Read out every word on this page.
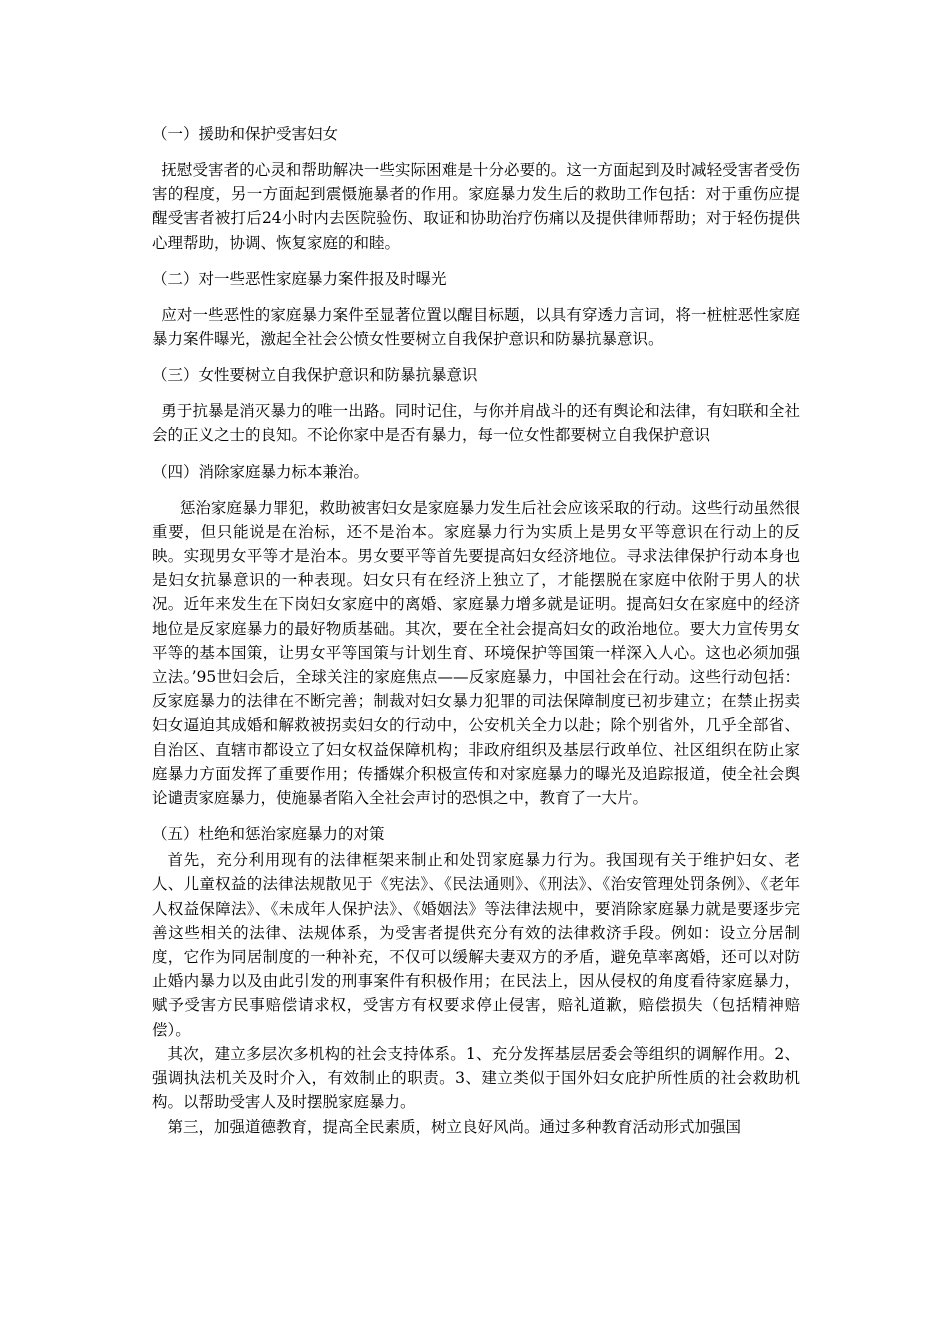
（一）援助和保护受害妇女

抚慰受害者的心灵和帮助解决一些实际困难是十分必要的。这一方面起到及时减轻受害者受伤害的程度，另一方面起到震慑施暴者的作用。家庭暴力发生后的救助工作包括：对于重伤应提醒受害者被打后24小时内去医院验伤、取证和协助治疗伤痛以及提供律师帮助；对于轻伤提供心理帮助，协调、恢复家庭的和睦。

（二）对一些恶性家庭暴力案件报及时曝光

应对一些恶性的家庭暴力案件至显著位置以醒目标题，以具有穿透力言词，将一桩桩恶性家庭暴力案件曝光，激起全社会公愤女性要树立自我保护意识和防暴抗暴意识。

（三）女性要树立自我保护意识和防暴抗暴意识

勇于抗暴是消灭暴力的唯一出路。同时记住，与你并肩战斗的还有舆论和法律，有妇联和全社会的正义之士的良知。不论你家中是否有暴力，每一位女性都要树立自我保护意识

（四）消除家庭暴力标本兼治。

惩治家庭暴力罪犯，救助被害妇女是家庭暴力发生后社会应该采取的行动。这些行动虽然很重要，但只能说是在治标，还不是治本。家庭暴力行为实质上是男女平等意识在行动上的反映。实现男女平等才是治本。男女要平等首先要提高妇女经济地位。寻求法律保护行动本身也是妇女抗暴意识的一种表现。妇女只有在经济上独立了，才能摆脱在家庭中依附于男人的状况。近年来发生在下岗妇女家庭中的离婚、家庭暴力增多就是证明。提高妇女在家庭中的经济地位是反家庭暴力的最好物质基础。其次，要在全社会提高妇女的政治地位。要大力宣传男女平等的基本国策，让男女平等国策与计划生育、环境保护等国策一样深入人心。这也必须加强立法。’95世妇会后，全球关注的家庭焦点——反家庭暴力，中国社会在行动。这些行动包括：反家庭暴力的法律在不断完善；制裁对妇女暴力犯罪的司法保障制度已初步建立；在禁止拐卖妇女逼迫其成婚和解救被拐卖妇女的行动中，公安机关全力以赴；除个别省外，几乎全部省、自治区、直辖市都设立了妇女权益保障机构；非政府组织及基层行政单位、社区组织在防止家庭暴力方面发挥了重要作用；传播媒介积极宣传和对家庭暴力的曝光及追踪报道，使全社会舆论谴责家庭暴力，使施暴者陷入全社会声讨的恐惧之中，教育了一大片。

（五）杜绝和惩治家庭暴力的对策

首先，充分利用现有的法律框架来制止和处罚家庭暴力行为。我国现有关于维护妇女、老人、儿童权益的法律法规散见于《宪法》、《民法通则》、《刑法》、《治安管理处罚条例》、《老年人权益保障法》、《未成年人保护法》、《婚姻法》等法律法规中，要消除家庭暴力就是要逐步完善这些相关的法律、法规体系，为受害者提供充分有效的法律救济手段。例如：设立分居制度，它作为同居制度的一种补充，不仅可以缓解夫妻双方的矛盾，避免草率离婚，还可以对防止婚内暴力以及由此引发的刑事案件有积极作用；在民法上，因从侵权的角度看待家庭暴力，赋予受害方民事赔偿请求权，受害方有权要求停止侵害，赔礼道歉，赔偿损失（包括精神赔偿）。

其次，建立多层次多机构的社会支持体系。1、充分发挥基层居委会等组织的调解作用。2、强调执法机关及时介入，有效制止的职责。3、建立类似于国外妇女庇护所性质的社会救助机构。以帮助受害人及时摆脱家庭暴力。

第三，加强道德教育，提高全民素质，树立良好风尚。通过多种教育活动形式加强国
